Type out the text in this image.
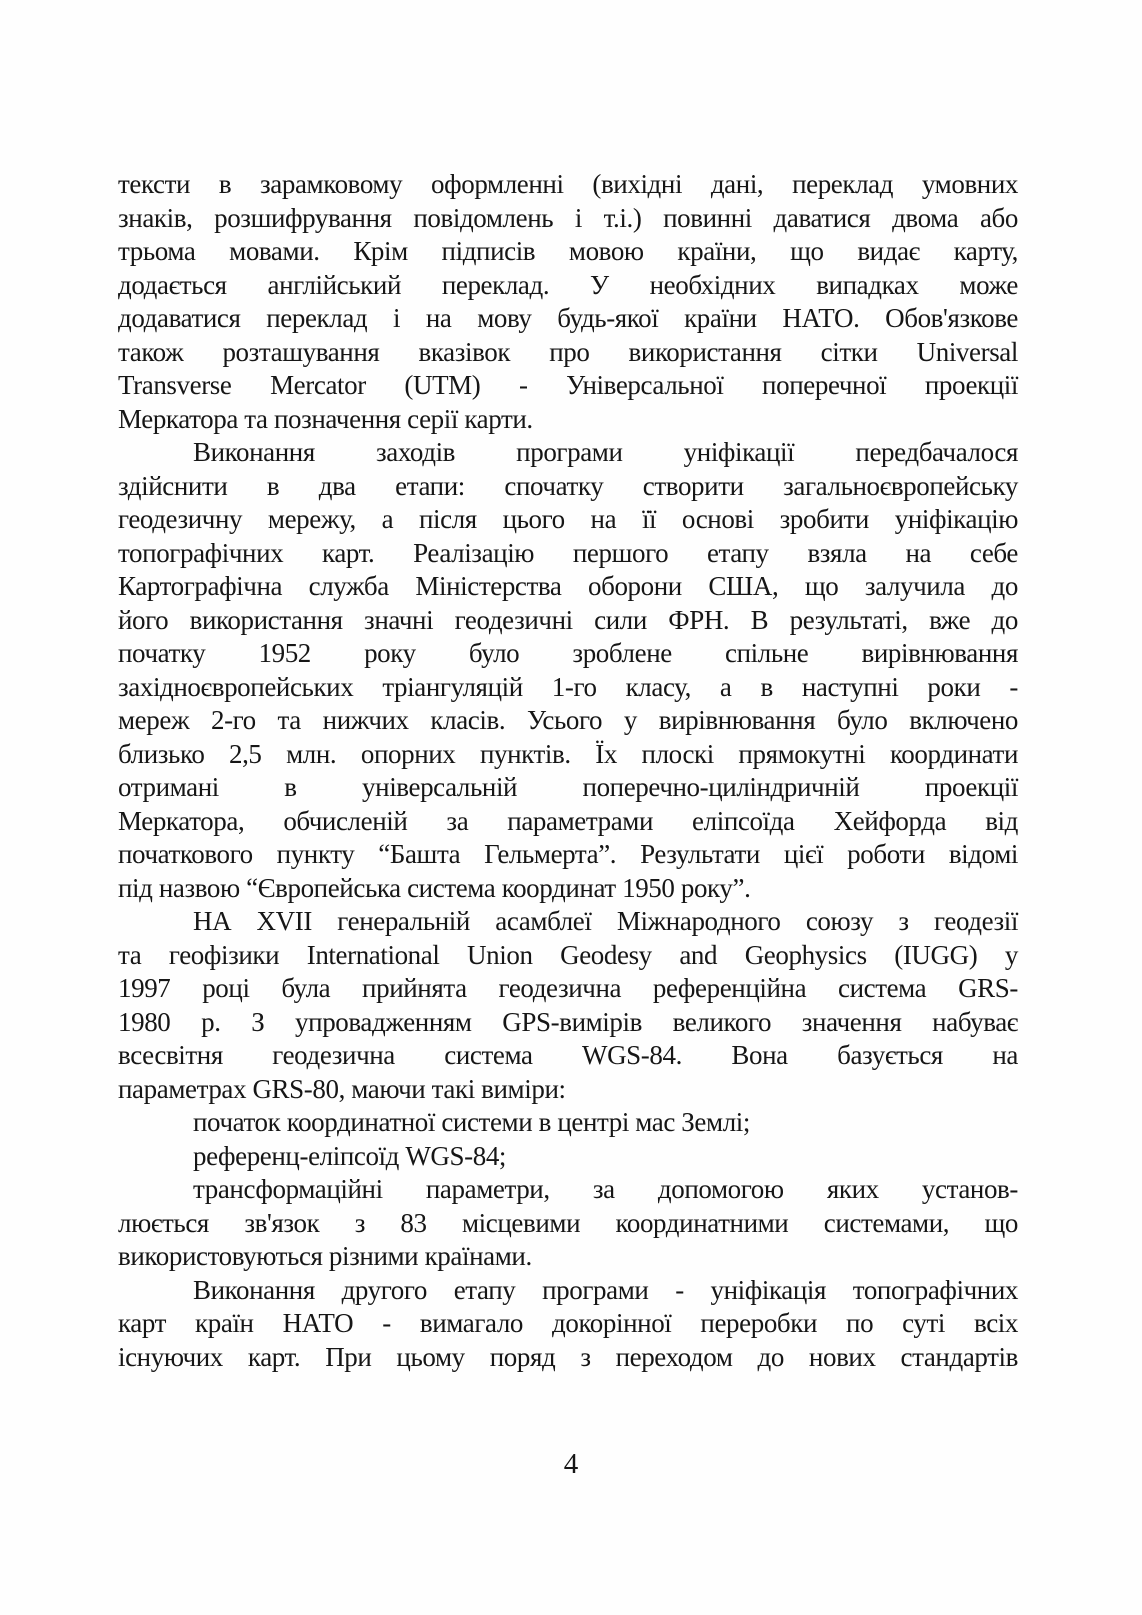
тексти в зарамковому оформленні (вихідні дані, переклад умовних
знаків, розшифрування повідомлень і т.і.) повинні даватися двома або
трьома мовами. Крім підписів мовою країни, що видає карту,
додається англійський переклад. У необхідних випадках може
додаватися переклад і на мову будь-якої країни НАТО. Обов'язкове
також розташування вказівок про використання сітки Universal
Transverse Mercator (UTM) - Універсальної поперечної проекції
Меркатора та позначення серії карти.
Виконання заходів програми уніфікації передбачалося
здійснити в два етапи: спочатку створити загальноєвропейську
геодезичну мережу, а після цього на її основі зробити уніфікацію
топографічних карт. Реалізацію першого етапу взяла на себе
Картографічна служба Міністерства оборони США, що залучила до
його використання значні геодезичні сили ФРН. В результаті, вже до
початку 1952 року було зроблене спільне вирівнювання
західноєвропейських тріангуляцій 1-го класу, а в наступні роки -
мереж 2-го та нижчих класів. Усього у вирівнювання було включено
близько 2,5 млн. опорних пунктів. Їх плоскі прямокутні координати
отримані в універсальній поперечно-циліндричній проекції
Меркатора, обчисленій за параметрами еліпсоїда Хейфорда від
початкового пункту “Башта Гельмерта”. Результати цієї роботи відомі
під назвою “Європейська система координат 1950 року”.
НА XVII генеральній асамблеї Міжнародного союзу з геодезії
та геофізики International Union Geodesy and Geophysics (IUGG) у
1997 році була прийнята геодезична референційна система GRS-
1980 р. З упровадженням GPS-вимірів великого значення набуває
всесвітня геодезична система WGS-84. Вона базується на
параметрах GRS-80, маючи такі виміри:
початок координатної системи в центрі мас Землі;
референц-еліпсоїд WGS-84;
трансформаційні параметри, за допомогою яких установ-
люється зв'язок з 83 місцевими координатними системами, що
використовуються різними країнами.
Виконання другого етапу програми - уніфікація топографічних
карт країн НАТО - вимагало докорінної переробки по суті всіх
існуючих карт. При цьому поряд з переходом до нових стандартів
4
